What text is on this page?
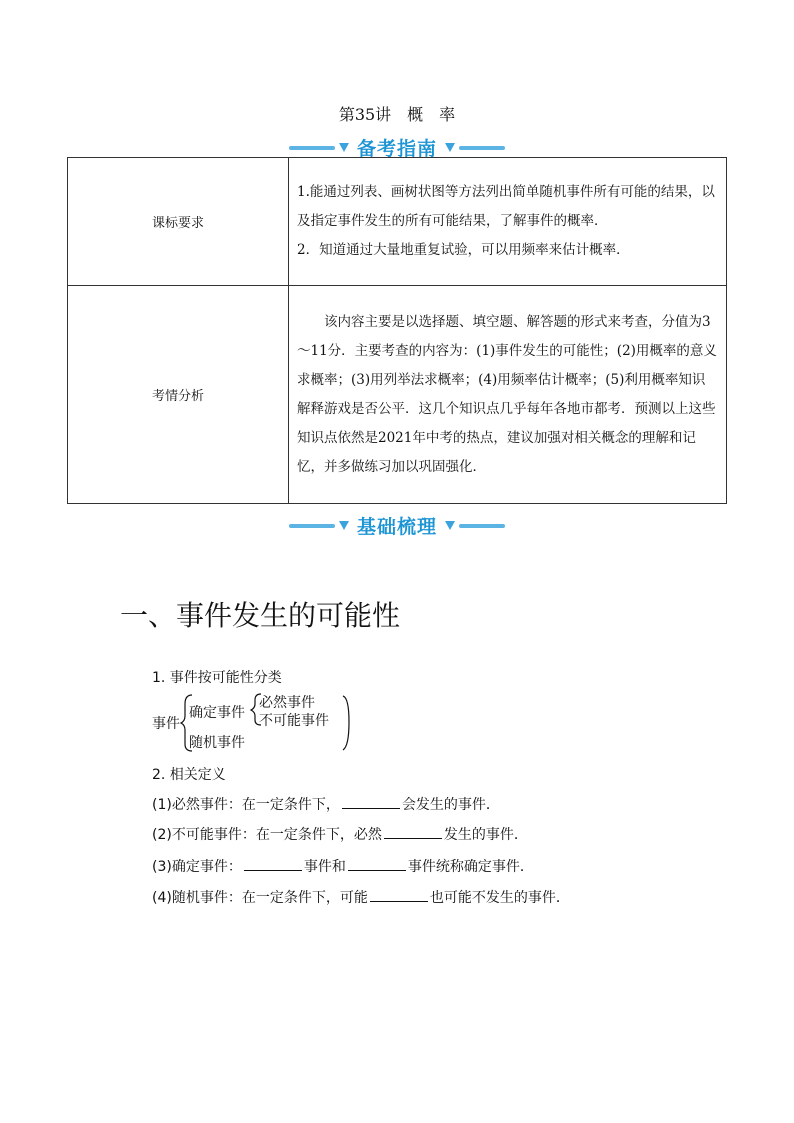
第35讲　概　率
备考指南
课标要求	1.能通过列表、画树状图等方法列出简单随机事件所有可能的结果，以及指定事件发生的所有可能结果，了解事件的概率．

2．知道通过大量地重复试验，可以用频率来估计概率．

考情分析	该内容主要是以选择题、填空题、解答题的形式来考查，分值为3～11分．主要考查的内容为：(1)事件发生的可能性；(2)用概率的意义求概率；(3)用列举法求概率；(4)用频率估计概率；(5)利用概率知识解释游戏是否公平．这几个知识点几乎每年各地市都考．预测以上这些知识点依然是2021年中考的热点，建议加强对相关概念的理解和记忆，并多做练习加以巩固强化．

基础梳理
一、事件发生的可能性
1. 事件按可能性分类
事件
确定事件
必然事件
不可能事件
随机事件
2. 相关定义
(1)必然事件：在一定条件下，	会发生的事件．
(2)不可能事件：在一定条件下，必然	发生的事件．
(3)确定事件：	事件和	事件统称确定事件．
(4)随机事件：在一定条件下，可能	也可能不发生的事件．
